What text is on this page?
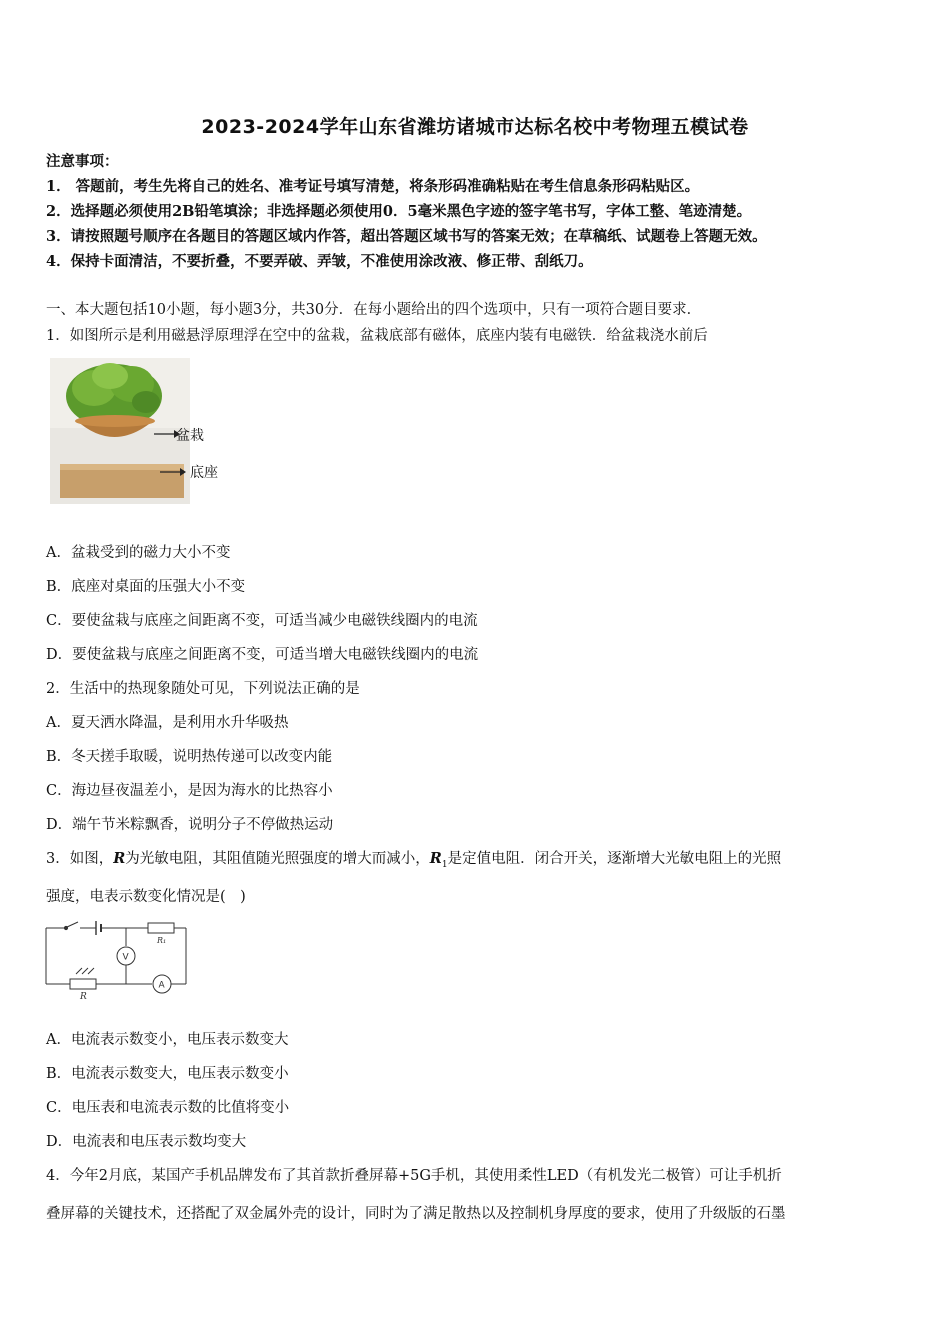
2023-2024学年山东省潍坊诸城市达标名校中考物理五模试卷
注意事项：
1． 答题前，考生先将自己的姓名、准考证号填写清楚，将条形码准确粘贴在考生信息条形码粘贴区。
2．选择题必须使用2B铅笔填涂；非选择题必须使用0．5毫米黑色字迹的签字笔书写，字体工整、笔迹清楚。
3．请按照题号顺序在各题目的答题区域内作答，超出答题区域书写的答案无效；在草稿纸、试题卷上答题无效。
4．保持卡面清洁，不要折叠，不要弄破、弄皱，不准使用涂改液、修正带、刮纸刀。
一、本大题包括10小题，每小题3分，共30分．在每小题给出的四个选项中，只有一项符合题目要求．
1．如图所示是利用磁悬浮原理浮在空中的盆栽，盆栽底部有磁体，底座内装有电磁铁．给盆栽浇水前后
盆栽
底座
A．盆栽受到的磁力大小不变
B．底座对桌面的压强大小不变
C．要使盆栽与底座之间距离不变，可适当减少电磁铁线圈内的电流
D．要使盆栽与底座之间距离不变，可适当增大电磁铁线圈内的电流
2．生活中的热现象随处可见，下列说法正确的是
A．夏天洒水降温，是利用水升华吸热
B．冬天搓手取暖，说明热传递可以改变内能
C．海边昼夜温差小，是因为海水的比热容小
D．端午节米粽飘香，说明分子不停做热运动
3．如图，R为光敏电阻，其阻值随光照强度的增大而减小，$R_1$是定值电阻．闭合开关，逐渐增大光敏电阻上的光照
强度，电表示数变化情况是(　)
R₁
V
A
R
A．电流表示数变小，电压表示数变大
B．电流表示数变大，电压表示数变小
C．电压表和电流表示数的比值将变小
D．电流表和电压表示数均变大
4．今年2月底，某国产手机品牌发布了其首款折叠屏幕+5G手机，其使用柔性LED（有机发光二极管）可让手机折
叠屏幕的关键技术，还搭配了双金属外壳的设计，同时为了满足散热以及控制机身厚度的要求，使用了升级版的石墨
